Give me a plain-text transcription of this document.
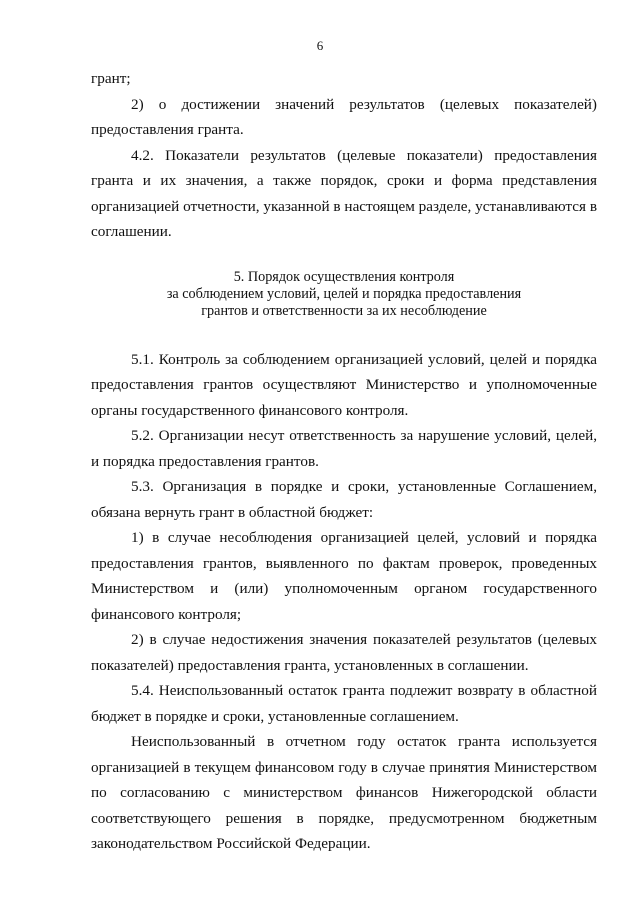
6

грант;

2) о достижении значений результатов (целевых показателей) предоставления гранта.

4.2. Показатели результатов (целевые показатели) предоставления гранта и их значения, а также порядок, сроки и форма представления организацией отчетности, указанной в настоящем разделе, устанавливаются в соглашении.

5. Порядок осуществления контроля
за соблюдением условий, целей и порядка предоставления
грантов и ответственности за их несоблюдение

5.1. Контроль за соблюдением организацией условий, целей и порядка предоставления грантов осуществляют Министерство и уполномоченные органы государственного финансового контроля.

5.2. Организации несут ответственность за нарушение условий, целей, и порядка предоставления грантов.

5.3. Организация в порядке и сроки, установленные Соглашением, обязана вернуть грант в областной бюджет:

1) в случае несоблюдения организацией целей, условий и порядка предоставления грантов, выявленного по фактам проверок, проведенных Министерством и (или) уполномоченным органом государственного финансового контроля;

2) в случае недостижения значения показателей результатов (целевых показателей) предоставления гранта, установленных в соглашении.

5.4. Неиспользованный остаток гранта подлежит возврату в областной бюджет в порядке и сроки, установленные соглашением.

Неиспользованный в отчетном году остаток гранта используется организацией в текущем финансовом году в случае принятия Министерством по согласованию с министерством финансов Нижегородской области соответствующего решения в порядке, предусмотренном бюджетным законодательством Российской Федерации.
